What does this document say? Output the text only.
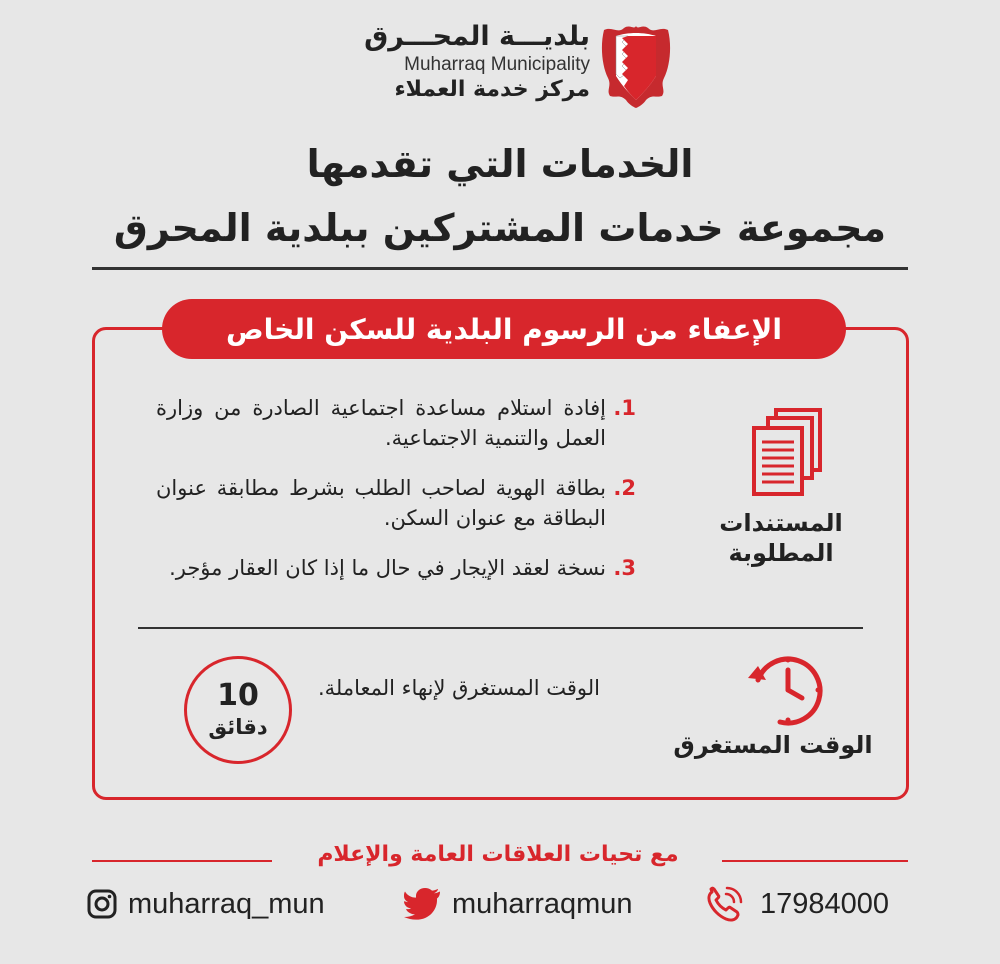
بلديـــة المحـــرق
Muharraq Municipality
مركز خدمة العملاء
الخدمات التي تقدمها
مجموعة خدمات المشتركين ببلدية المحرق
الإعفاء من الرسوم البلدية للسكن الخاص
المستندات المطلوبة
1.
إفادة استلام مساعدة اجتماعية الصادرة من وزارة العمل والتنمية الاجتماعية.
2.
بطاقة الهوية لصاحب الطلب بشرط مطابقة عنوان البطاقة مع عنوان السكن.
3.
نسخة لعقد الإيجار في حال ما إذا كان العقار مؤجر.
الوقت المستغرق
الوقت المستغرق لإنهاء المعاملة.
10
دقائق
مع تحيات العلاقات العامة والإعلام
muharraq_mun	muharraqmun	17984000
